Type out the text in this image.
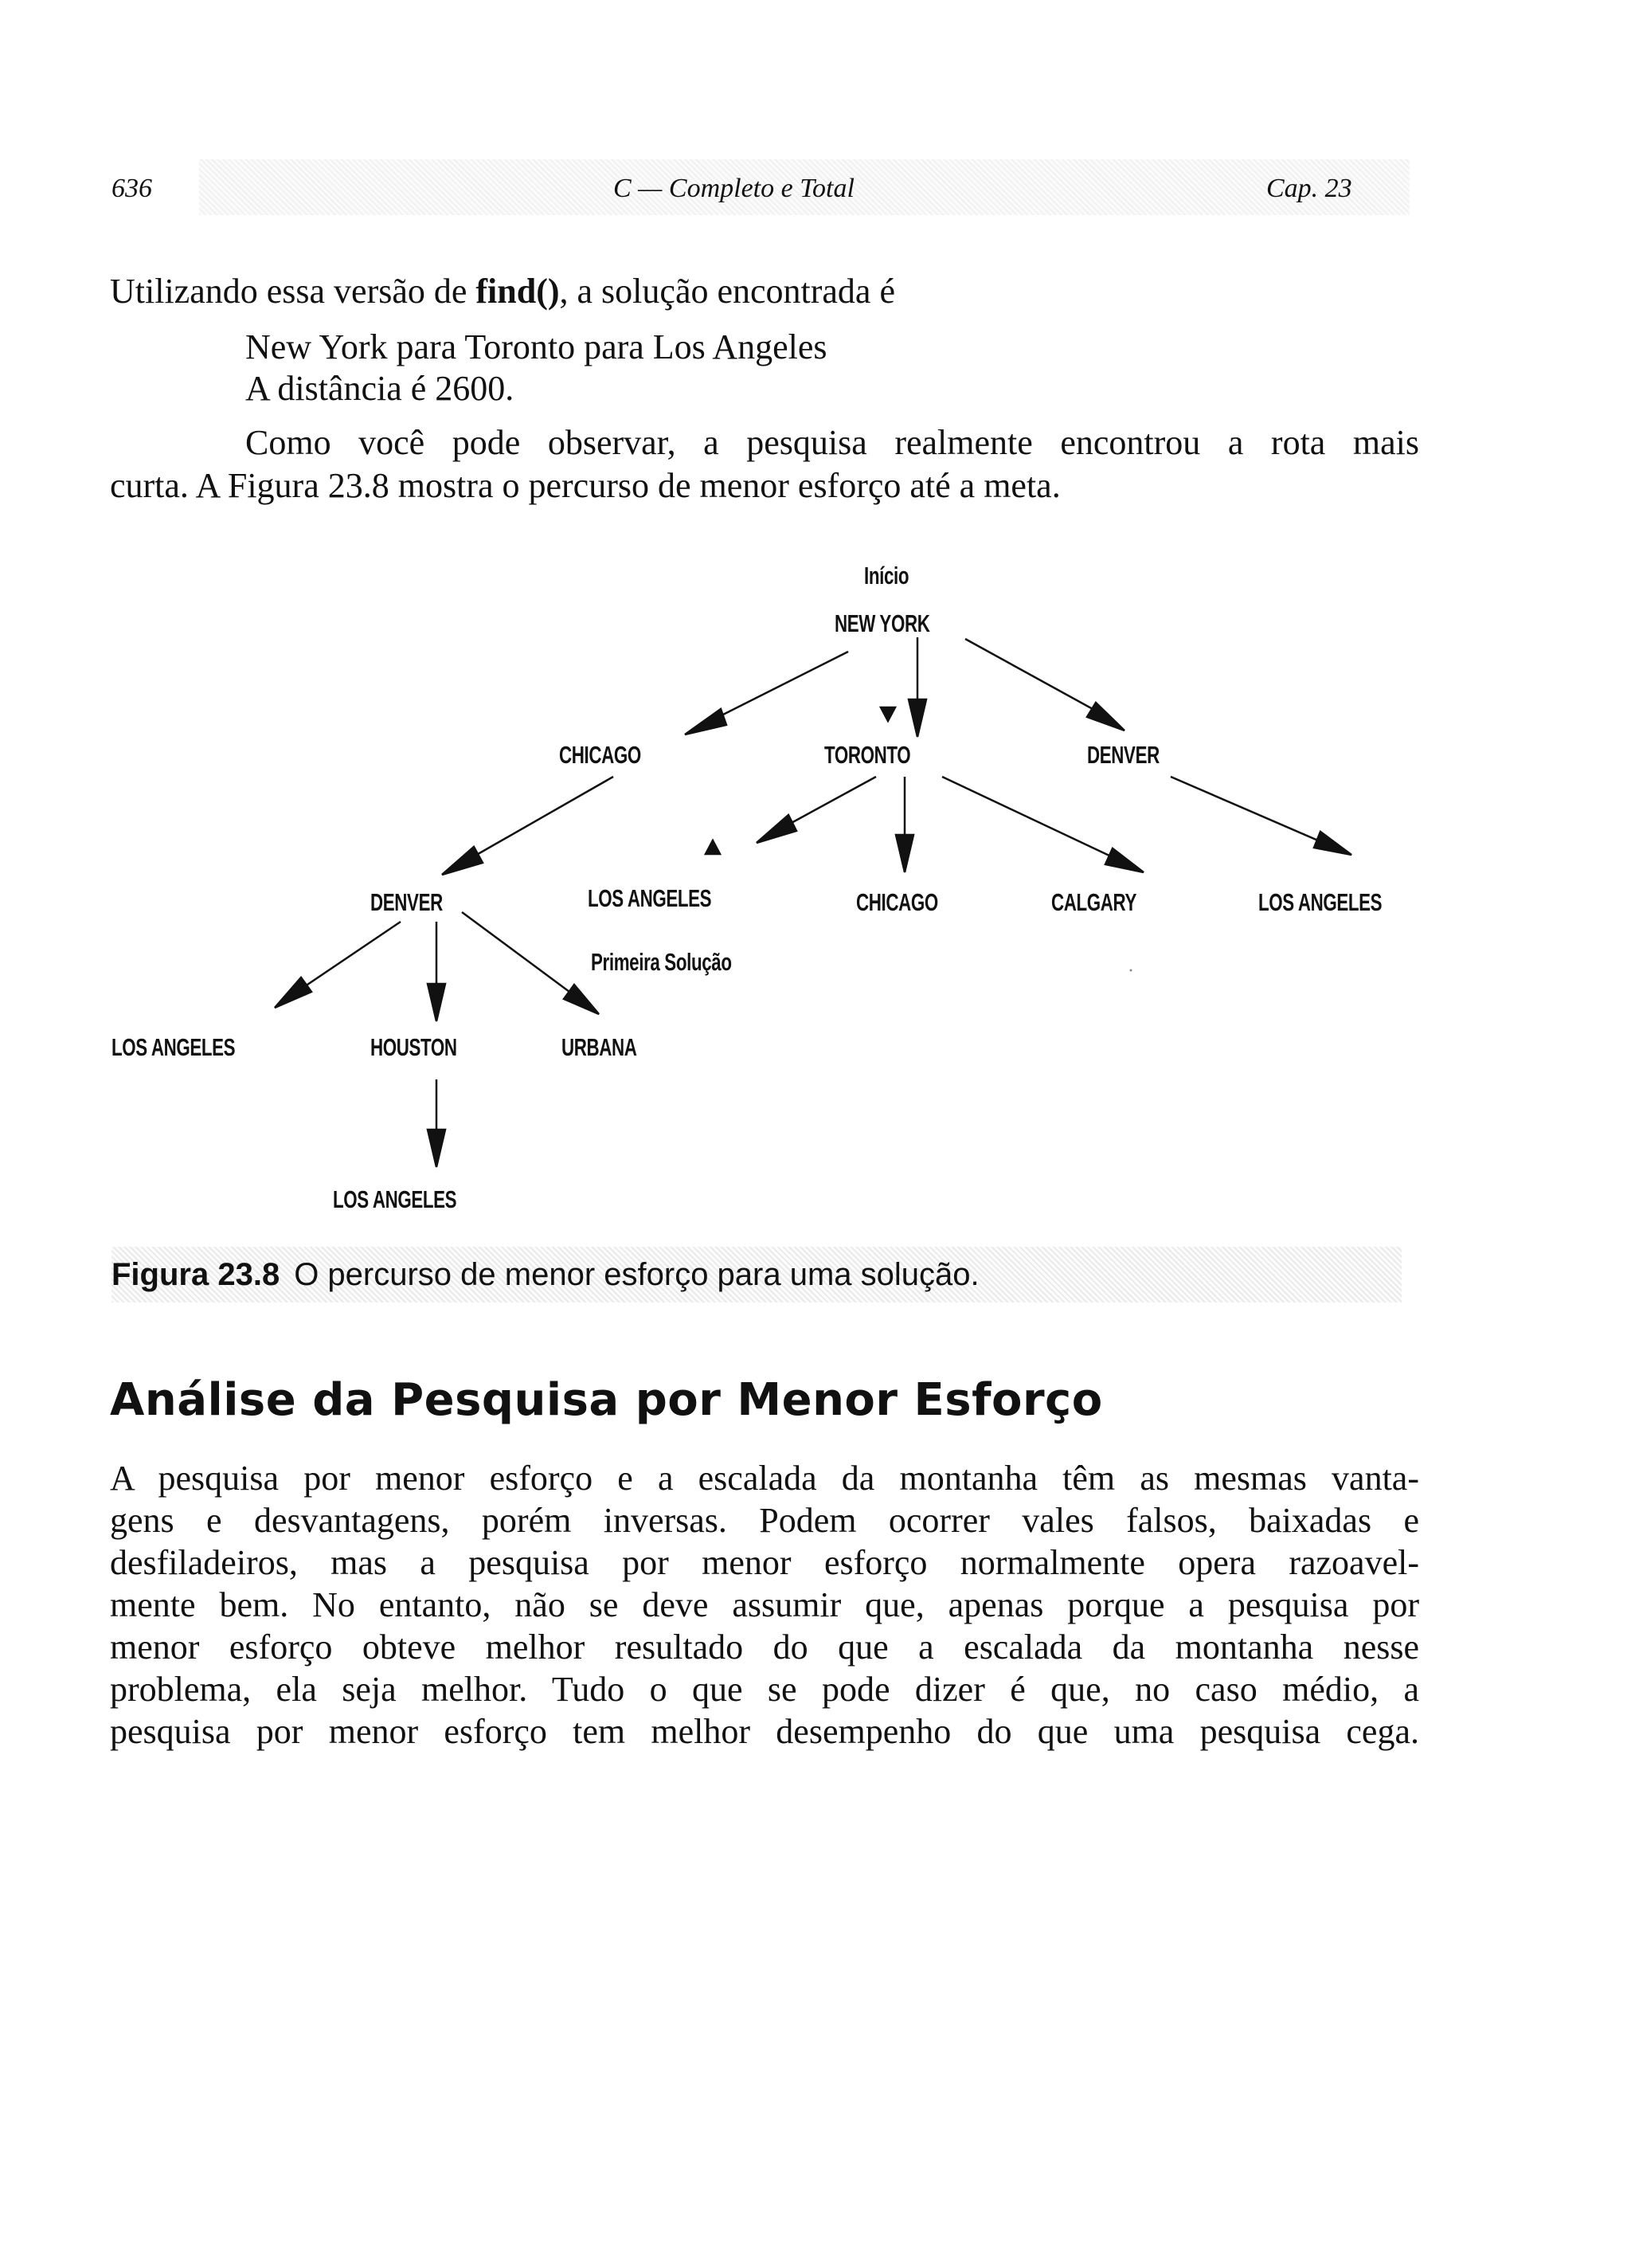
636	C — Completo e Total	Cap. 23
Utilizando essa versão de find(), a solução encontrada é
New York para Toronto para Los Angeles
A distância é 2600.
Como você pode observar, a pesquisa realmente encontrou a rota mais
curta. A Figura 23.8 mostra o percurso de menor esforço até a meta.
Início
NEW YORK
CHICAGO	TORONTO	DENVER
DENVER	LOS ANGELES	CHICAGO	CALGARY	LOS ANGELES
Primeira Solução
LOS ANGELES	HOUSTON	URBANA
LOS ANGELES
Figura 23.8 O percurso de menor esforço para uma solução.
Análise da Pesquisa por Menor Esforço
A pesquisa por menor esforço e a escalada da montanha têm as mesmas vanta-
gens e desvantagens, porém inversas. Podem ocorrer vales falsos, baixadas e
desfiladeiros, mas a pesquisa por menor esforço normalmente opera razoavel-
mente bem. No entanto, não se deve assumir que, apenas porque a pesquisa por
menor esforço obteve melhor resultado do que a escalada da montanha nesse
problema, ela seja melhor. Tudo o que se pode dizer é que, no caso médio, a
pesquisa por menor esforço tem melhor desempenho do que uma pesquisa cega.
